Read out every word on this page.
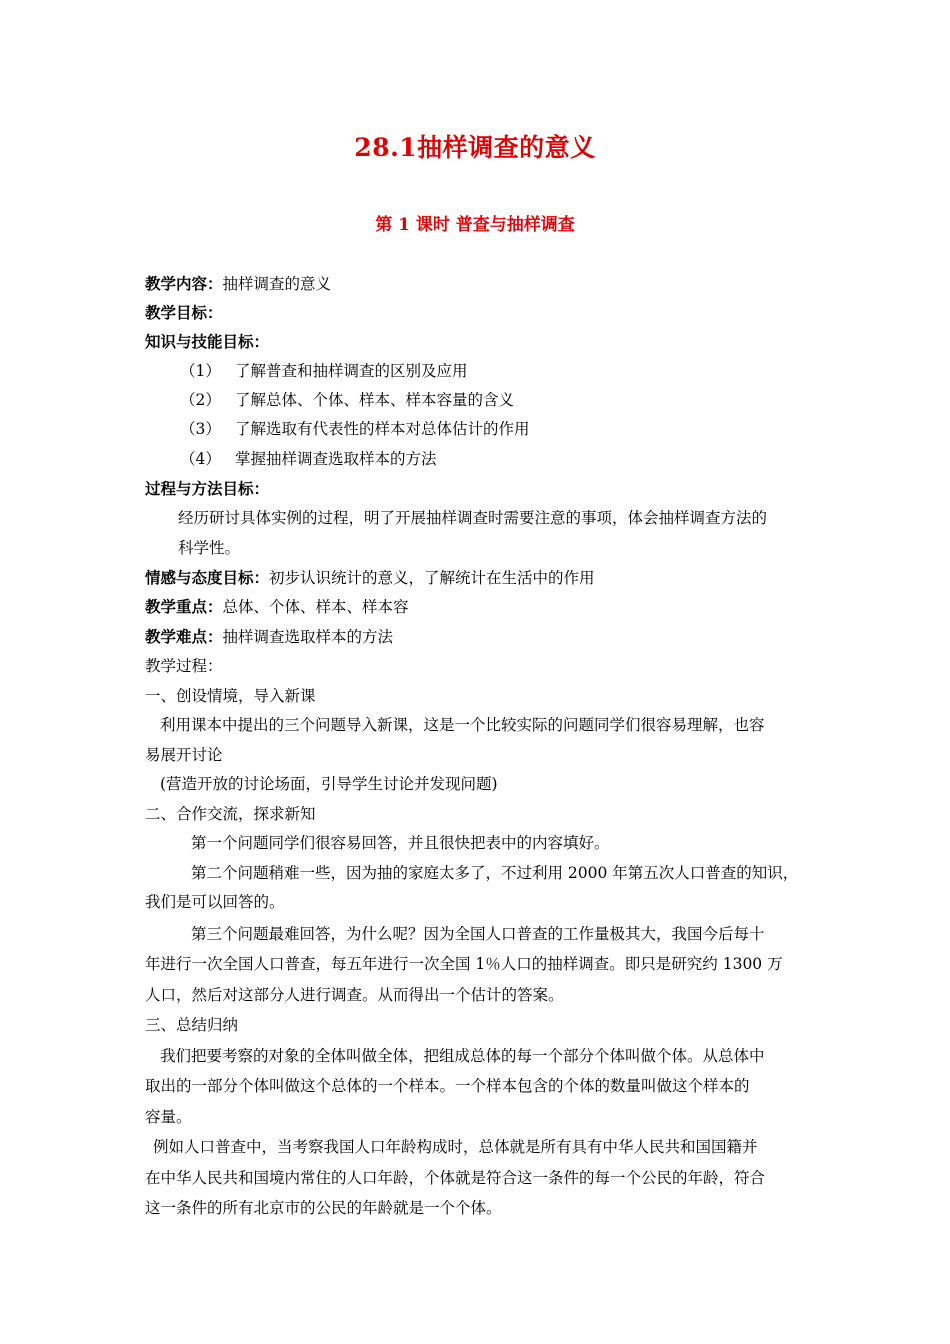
28.1抽样调查的意义
第 1 课时 普查与抽样调查
教学内容：抽样调查的意义
教学目标：
知识与技能目标：
（1） 了解普查和抽样调查的区别及应用
（2） 了解总体、个体、样本、样本容量的含义
（3） 了解选取有代表性的样本对总体估计的作用
（4） 掌握抽样调查选取样本的方法
过程与方法目标：
经历研讨具体实例的过程，明了开展抽样调查时需要注意的事项，体会抽样调查方法的
科学性。
情感与态度目标：初步认识统计的意义，了解统计在生活中的作用
教学重点：总体、个体、样本、样本容
教学难点：抽样调查选取样本的方法
教学过程：
一、创设情境，导入新课
利用课本中提出的三个问题导入新课，这是一个比较实际的问题同学们很容易理解，也容
易展开讨论
(营造开放的讨论场面，引导学生讨论并发现问题)
二、合作交流，探求新知
第一个问题同学们很容易回答，并且很快把表中的内容填好。
第二个问题稍难一些，因为抽的家庭太多了，不过利用 2000 年第五次人口普查的知识，
我们是可以回答的。
第三个问题最难回答，为什么呢？因为全国人口普查的工作量极其大，我国今后每十
年进行一次全国人口普查，每五年进行一次全国 1％人口的抽样调查。即只是研究约 1300 万
人口，然后对这部分人进行调查。从而得出一个估计的答案。
三、总结归纳
我们把要考察的对象的全体叫做全体，把组成总体的每一个部分个体叫做个体。从总体中
取出的一部分个体叫做这个总体的一个样本。一个样本包含的个体的数量叫做这个样本的
容量。
例如人口普查中，当考察我国人口年龄构成时，总体就是所有具有中华人民共和国国籍并
在中华人民共和国境内常住的人口年龄，个体就是符合这一条件的每一个公民的年龄，符合
这一条件的所有北京市的公民的年龄就是一个个体。
